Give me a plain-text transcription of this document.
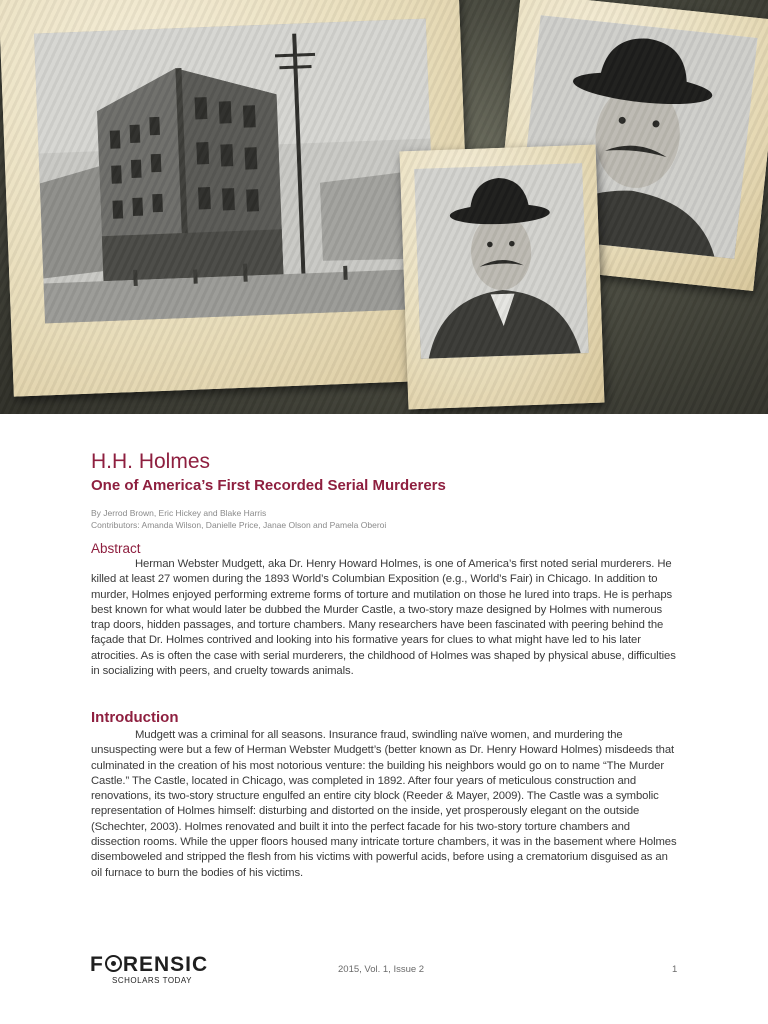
H.H. Holmes
One of America’s First Recorded Serial Murderers
By Jerrod Brown, Eric Hickey and Blake Harris
Contributors: Amanda Wilson, Danielle Price, Janae Olson and Pamela Oberoi
Abstract

Herman Webster Mudgett, aka Dr. Henry Howard Holmes, is one of America’s first noted serial murderers. He killed at least 27 women during the 1893 World’s Columbian Exposition (e.g., World’s Fair) in Chicago. In addition to murder, Holmes enjoyed performing extreme forms of torture and mutilation on those he lured into traps. He is perhaps best known for what would later be dubbed the Murder Castle, a two-story maze designed by Holmes with numerous trap doors, hidden passages, and torture chambers. Many researchers have been fascinated with peering behind the façade that Dr. Holmes contrived and looking into his formative years for clues to what might have led to his later atrocities. As is often the case with serial murderers, the childhood of Holmes was shaped by physical abuse, difficulties in socializing with peers, and cruelty towards animals.

Introduction

Mudgett was a criminal for all seasons. Insurance fraud, swindling naïve women, and murdering the unsuspecting were but a few of Herman Webster Mudgett’s (better known as Dr. Henry Howard Holmes) misdeeds that culminated in the creation of his most notorious venture: the building his neighbors would go on to name “The Murder Castle.” The Castle, located in Chicago, was completed in 1892. After four years of meticulous construction and renovations, its two-story structure engulfed an entire city block (Reeder & Mayer, 2009). The Castle was a symbolic representation of Holmes himself: disturbing and distorted on the inside, yet prosperously elegant on the outside (Schechter, 2003). Holmes renovated and built it into the perfect facade for his two-story torture chambers and dissection rooms. While the upper floors housed many intricate torture chambers, it was in the basement where Holmes disemboweled and stripped the flesh from his victims with powerful acids, before using a crematorium disguised as an oil furnace to burn the bodies of his victims.

F RENSIC
SCHOLARS TODAY
2015, Vol. 1, Issue 2	1
